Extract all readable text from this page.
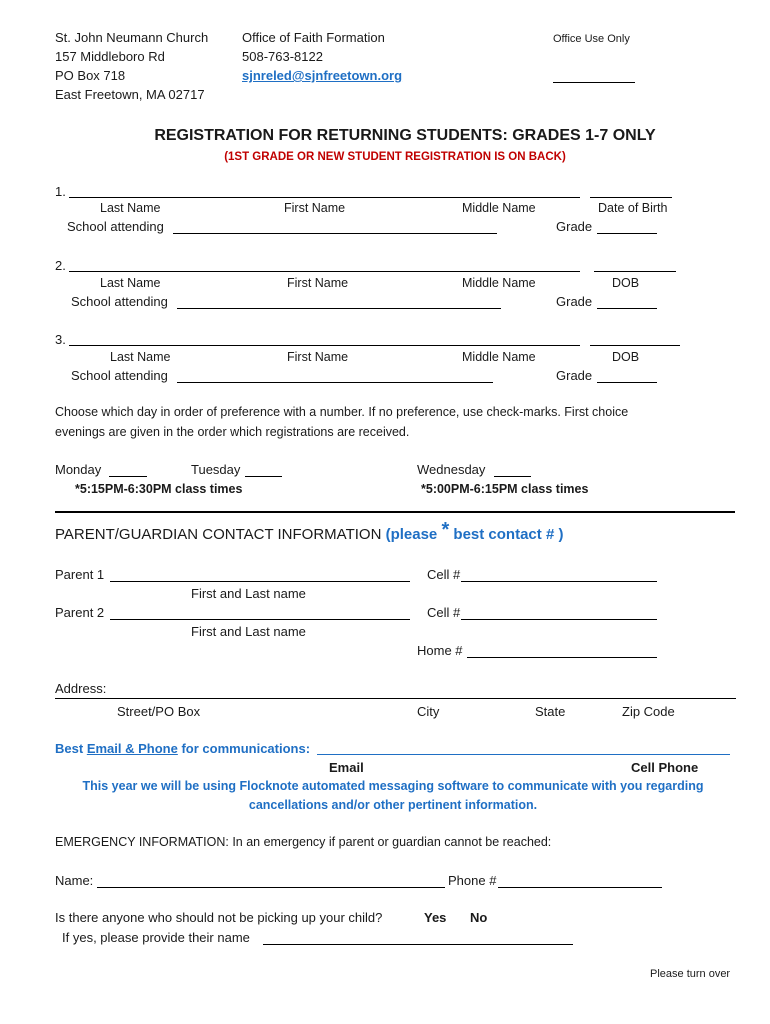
St. John Neumann Church
157 Middleboro Rd
PO Box 718
East Freetown, MA 02717
Office of Faith Formation
508-763-8122
sjnreled@sjnfreetown.org
Office Use Only
REGISTRATION FOR RETURNING STUDENTS: GRADES 1-7 ONLY
(1ST GRADE OR NEW STUDENT REGISTRATION IS ON BACK)
1.
Last Name	First Name	Middle Name	Date of Birth
School attending	Grade
2.
Last Name	First Name	Middle Name	DOB
School attending	Grade
3.
Last Name	First Name	Middle Name	DOB
School attending	Grade
Choose which day in order of preference with a number. If no preference, use check-marks. First choice
evenings are given in the order which registrations are received.
Monday	Tuesday	Wednesday
*5:15PM-6:30PM class times	*5:00PM-6:15PM class times
PARENT/GUARDIAN CONTACT INFORMATION (please * best contact # )
Parent 1	Cell #
First and Last name
Parent 2	Cell #
First and Last name
Home #
Address:
Street/PO Box	City	State	Zip Code
Best Email & Phone for communications:
Email	Cell Phone
This year we will be using Flocknote automated messaging software to communicate with you regarding
cancellations and/or other pertinent information.
EMERGENCY INFORMATION: In an emergency if parent or guardian cannot be reached:
Name:	Phone #
Is there anyone who should not be picking up your child?	Yes No
If yes, please provide their name
Please turn over
